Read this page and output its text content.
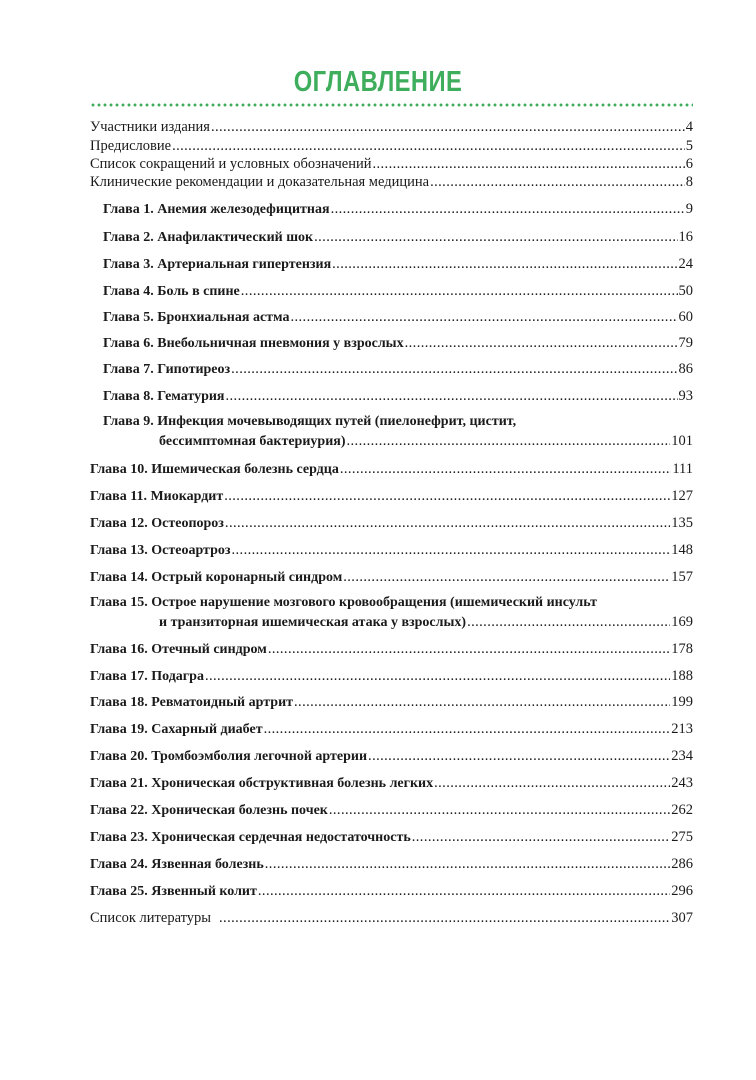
ОГЛАВЛЕНИЕ
Участники издания .....	4
Предисловие .....	5
Список сокращений и условных обозначений .....	6
Клинические рекомендации и доказательная медицина .....	8
Глава 1. Анемия железодефицитная .....	9
Глава 2. Анафилактический шок .....	16
Глава 3. Артериальная гипертензия .....	24
Глава 4. Боль в спине .....	50
Глава 5. Бронхиальная астма .....	60
Глава 6. Внебольничная пневмония у взрослых .....	79
Глава 7. Гипотиреоз .....	86
Глава 8. Гематурия .....	93
Глава 9. Инфекция мочевыводящих путей (пиелонефрит, цистит,
бессимптомная бактериурия) .....	101
Глава 10. Ишемическая болезнь сердца .....	111
Глава 11. Миокардит .....	127
Глава 12. Остеопороз .....	135
Глава 13. Остеоартроз .....	148
Глава 14. Острый коронарный синдром .....	157
Глава 15. Острое нарушение мозгового кровообращения (ишемический инсульт
и транзиторная ишемическая атака у взрослых) .....	169
Глава 16. Отечный синдром .....	178
Глава 17. Подагра .....	188
Глава 18. Ревматоидный артрит .....	199
Глава 19. Сахарный диабет .....	213
Глава 20. Тромбоэмболия легочной артерии .....	234
Глава 21. Хроническая обструктивная болезнь легких .....	243
Глава 22. Хроническая болезнь почек .....	262
Глава 23. Хроническая сердечная недостаточность .....	275
Глава 24. Язвенная болезнь .....	286
Глава 25. Язвенный колит .....	296
Список литературы .....	307
